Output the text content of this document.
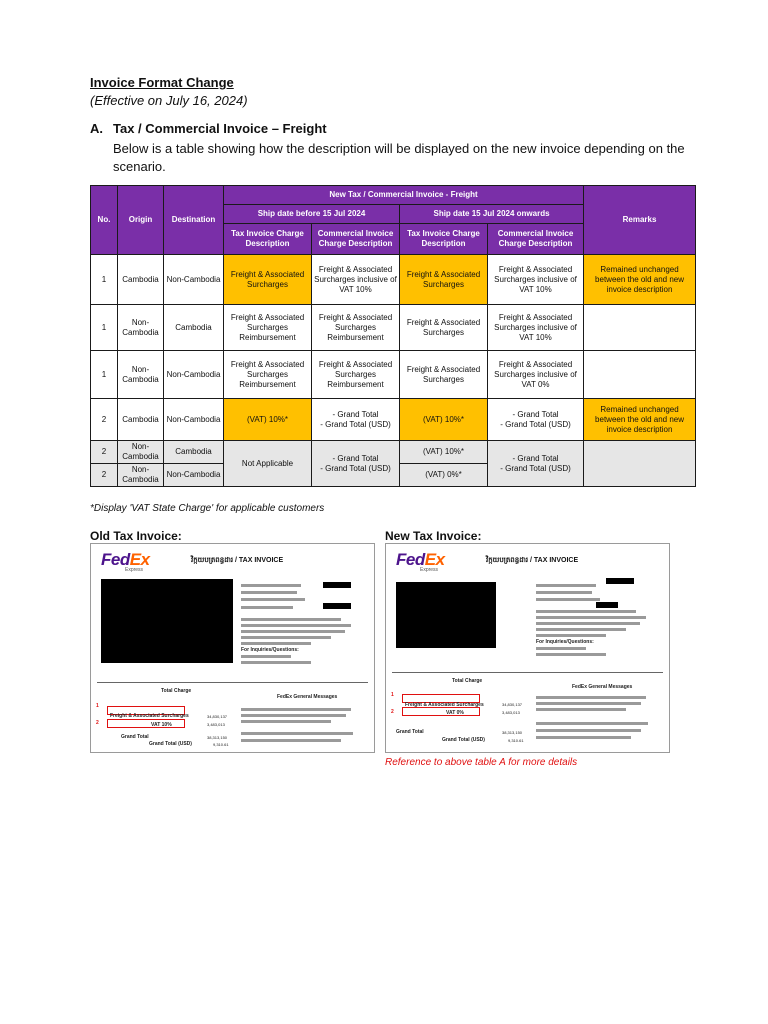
Invoice Format Change
(Effective on July 16, 2024)
A. Tax / Commercial Invoice – Freight
Below is a table showing how the description will be displayed on the new invoice depending on the scenario.
No.	Origin	Destination	New Tax / Commercial Invoice - Freight				Remarks
			Ship date before 15 Jul 2024		Ship date 15 Jul 2024 onwards		
			Tax Invoice Charge Description	Commercial Invoice Charge Description	Tax Invoice Charge Description	Commercial Invoice Charge Description	
1	Cambodia	Non-Cambodia	Freight & Associated Surcharges	Freight & Associated Surcharges inclusive of VAT 10%	Freight & Associated Surcharges	Freight & Associated Surcharges inclusive of VAT 10%	Remained unchanged between the old and new invoice description
1	Non-Cambodia	Cambodia	Freight & Associated Surcharges Reimbursement	Freight & Associated Surcharges Reimbursement	Freight & Associated Surcharges	Freight & Associated Surcharges inclusive of VAT 10%	
1	Non-Cambodia	Non-Cambodia	Freight & Associated Surcharges Reimbursement	Freight & Associated Surcharges Reimbursement	Freight & Associated Surcharges	Freight & Associated Surcharges inclusive of VAT 0%	
2	Cambodia	Non-Cambodia	(VAT) 10%*	- Grand Total
- Grand Total (USD)	(VAT) 10%*	- Grand Total
- Grand Total (USD)	Remained unchanged between the old and new invoice description
2	Non-Cambodia	Cambodia	Not Applicable	- Grand Total
- Grand Total (USD)	(VAT) 10%*	- Grand Total
- Grand Total (USD)	
2	Non-Cambodia	Non-Cambodia			(VAT) 0%*		
*Display 'VAT State Charge' for applicable customers
Old Tax Invoice:	New Tax Invoice:
FedEx
Express
វិក្កយបត្រពន្ធដារ / TAX INVOICE
For Inquiries/Questions:
Total Charge
FedEx General Messages
1
Freight & Associated Surcharges	34,830,137
2	VAT 10%	3,483,013
Grand Total	38,313,150
Grand Total (USD)	9,310.61
FedEx
Express
វិក្កយបត្រពន្ធដារ / TAX INVOICE
For Inquiries/Questions:
Total Charge
FedEx General Messages
1
Freight & Associated Surcharges	34,830,137
2	VAT 0%	3,483,013
Grand Total	38,313,150
Grand Total (USD)	9,310.61
Reference to above table A for more details
